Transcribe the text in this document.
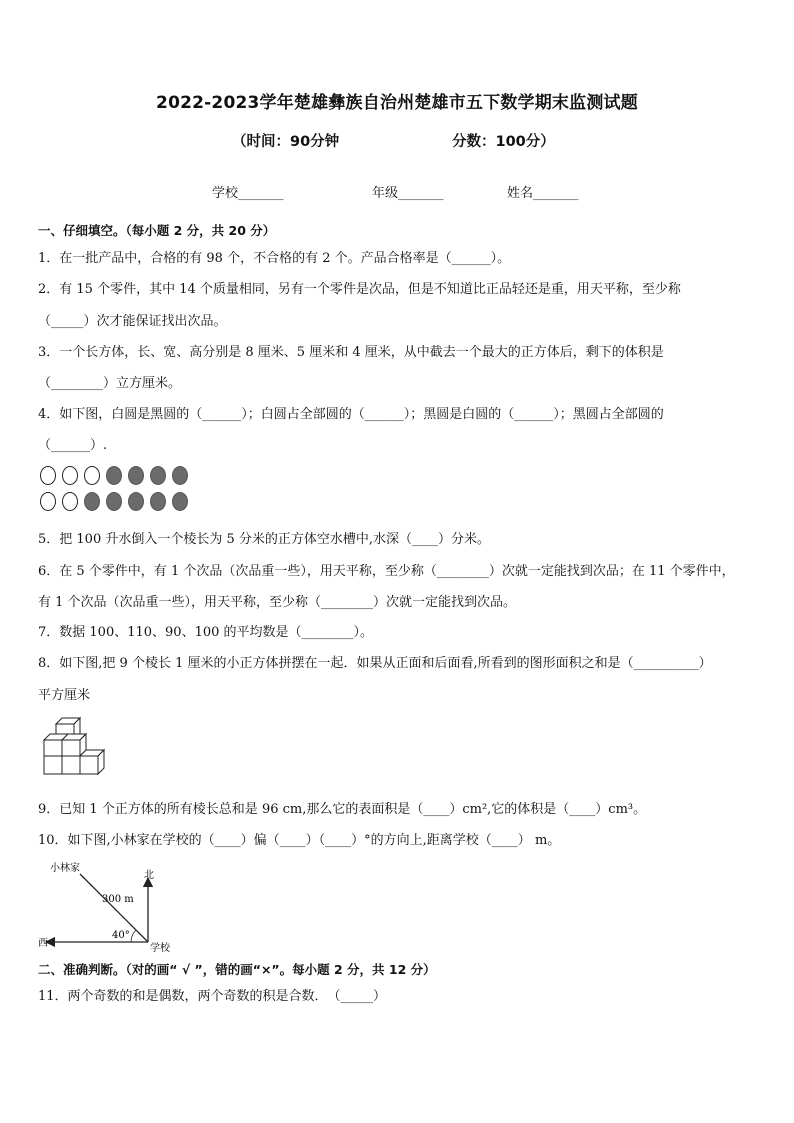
2022-2023学年楚雄彝族自治州楚雄市五下数学期末监测试题
（时间：90分钟	分数：100分）
学校_______	年级_______	姓名_______
一、仔细填空。（每小题 2 分，共 20 分）
1．在一批产品中，合格的有 98 个，不合格的有 2 个。产品合格率是（______）。
2．有 15 个零件，其中 14 个质量相同，另有一个零件是次品，但是不知道比正品轻还是重，用天平称，至少称
（_____）次才能保证找出次品。
3．一个长方体，长、宽、高分别是 8 厘米、5 厘米和 4 厘米，从中截去一个最大的正方体后，剩下的体积是
（________）立方厘米。
4．如下图，白圆是黑圆的（______）；白圆占全部圆的（______）；黑圆是白圆的（______）；黑圆占全部圆的
（______）.
5．把 100 升水倒入一个棱长为 5 分米的正方体空水槽中,水深（____）分米。
6．在 5 个零件中，有 1 个次品（次品重一些），用天平称，至少称（________）次就一定能找到次品；在 11 个零件中，
有 1 个次品（次品重一些），用天平称，至少称（________）次就一定能找到次品。
7．数据 100、110、90、100 的平均数是（________）。
8．如下图,把 9 个棱长 1 厘米的小正方体拼摆在一起．如果从正面和后面看,所看到的图形面积之和是（__________）
平方厘米
9．已知 1 个正方体的所有棱长总和是 96 cm,那么它的表面积是（____）cm²,它的体积是（____）cm³。
10．如下图,小林家在学校的（____）偏（____）（____）°的方向上,距离学校（____） m。
小林家
北
西	学校
300 m
40°
二、准确判断。（对的画“ √ ”，错的画“×”。每小题 2 分，共 12 分）
11．两个奇数的和是偶数，两个奇数的积是合数．　（_____）
